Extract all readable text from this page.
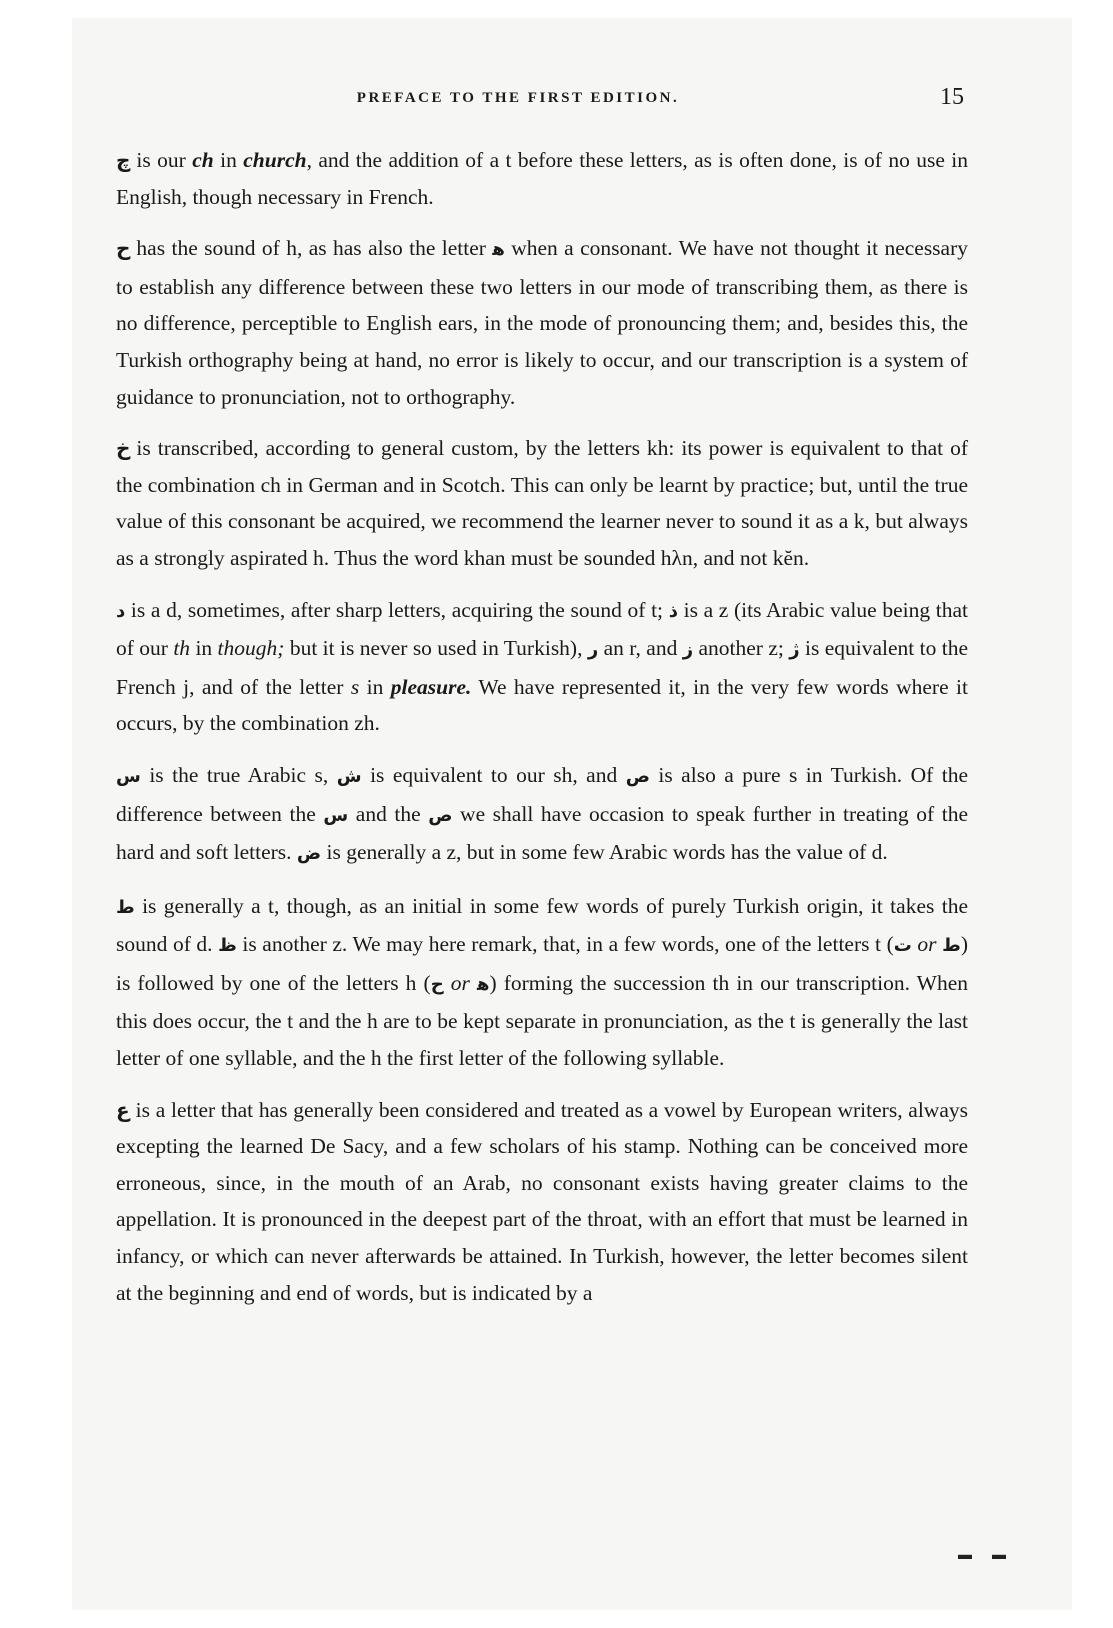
PREFACE TO THE FIRST EDITION.	15

ﭺ is our ch in church, and the addition of a t before these letters, as is often done, is of no use in English, though necessary in French.

ﺡ has the sound of h, as has also the letter ﻫ when a consonant. We have not thought it necessary to establish any difference between these two letters in our mode of transcribing them, as there is no difference, perceptible to English ears, in the mode of pronouncing them; and, besides this, the Turkish orthography being at hand, no error is likely to occur, and our transcription is a system of guidance to pronunciation, not to orthography.

ﺥ is transcribed, according to general custom, by the letters kh: its power is equivalent to that of the combination ch in German and in Scotch. This can only be learnt by practice; but, until the true value of this consonant be acquired, we recommend the learner never to sound it as a k, but always as a strongly aspirated h. Thus the word khan must be sounded hλn, and not kĕn.

ﺩ is a d, sometimes, after sharp letters, acquiring the sound of t; ﺫ is a z (its Arabic value being that of our th in though; but it is never so used in Turkish), ﺭ an r, and ﺯ another z; ﮊ is equivalent to the French j, and of the letter s in pleasure. We have represented it, in the very few words where it occurs, by the combination zh.

ﺱ is the true Arabic s, ﺵ is equivalent to our sh, and ﺹ is also a pure s in Turkish. Of the difference between the ﺱ and the ﺹ we shall have occasion to speak further in treating of the hard and soft letters. ﺽ is generally a z, but in some few Arabic words has the value of d.

ﻁ is generally a t, though, as an initial in some few words of purely Turkish origin, it takes the sound of d. ﻅ is another z. We may here remark, that, in a few words, one of the letters t (ﺕ or ﻁ) is followed by one of the letters h (ﺡ or ﻫ) forming the succession th in our transcription. When this does occur, the t and the h are to be kept separate in pronunciation, as the t is generally the last letter of one syllable, and the h the first letter of the following syllable.

ﻉ is a letter that has generally been considered and treated as a vowel by European writers, always excepting the learned De Sacy, and a few scholars of his stamp. Nothing can be conceived more erroneous, since, in the mouth of an Arab, no consonant exists having greater claims to the appellation. It is pronounced in the deepest part of the throat, with an effort that must be learned in infancy, or which can never afterwards be attained. In Turkish, however, the letter becomes silent at the beginning and end of words, but is indicated by a

▬ ▬
